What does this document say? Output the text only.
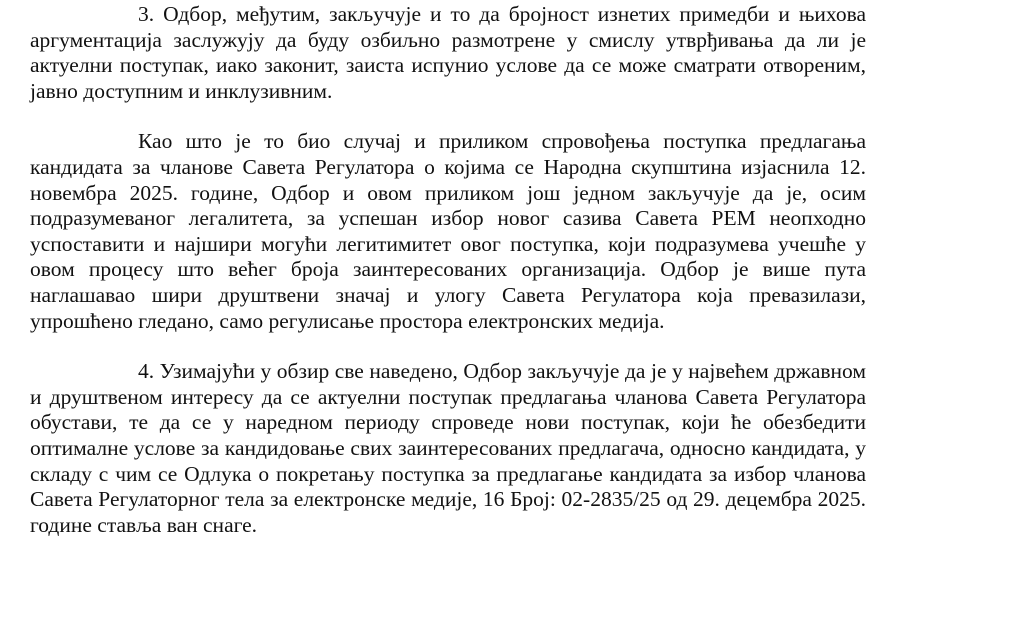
3. Одбор, међутим, закључује и то да бројност изнетих примедби и њихова аргументација заслужују да буду озбиљно размотрене у смислу утврђивања да ли је актуелни поступак, иако законит, заиста испунио услове да се може сматрати отвореним, јавно доступним и инклузивним.

Као што је то био случај и приликом спровођења поступка предлагања кандидата за чланове Савета Регулатора о којима се Народна скупштина изјаснила 12. новембра 2025. године, Одбор и овом приликом још једном закључује да је, осим подразумеваног легалитета, за успешан избор новог сазива Савета РЕМ неопходно успоставити и најшири могући легитимитет овог поступка, који подразумева учешће у овом процесу што већег броја заинтересованих организација. Одбор је више пута наглашавао шири друштвени значај и улогу Савета Регулатора која превазилази, упрошћено гледано, само регулисање простора електронских медија.

4. Узимајући у обзир све наведено, Одбор закључује да је у највећем државном и друштвеном интересу да се актуелни поступак предлагања чланова Савета Регулатора обустави, те да се у наредном периоду спроведе нови поступак, који ће обезбедити оптималне услове за кандидовање свих заинтересованих предлагача, односно кандидата, у складу с чим се Одлука о покретању поступка за предлагање кандидата за избор чланова Савета Регулаторног тела за електронске медије, 16 Број: 02-2835/25 од 29. децембра 2025. године ставља ван снаге.
